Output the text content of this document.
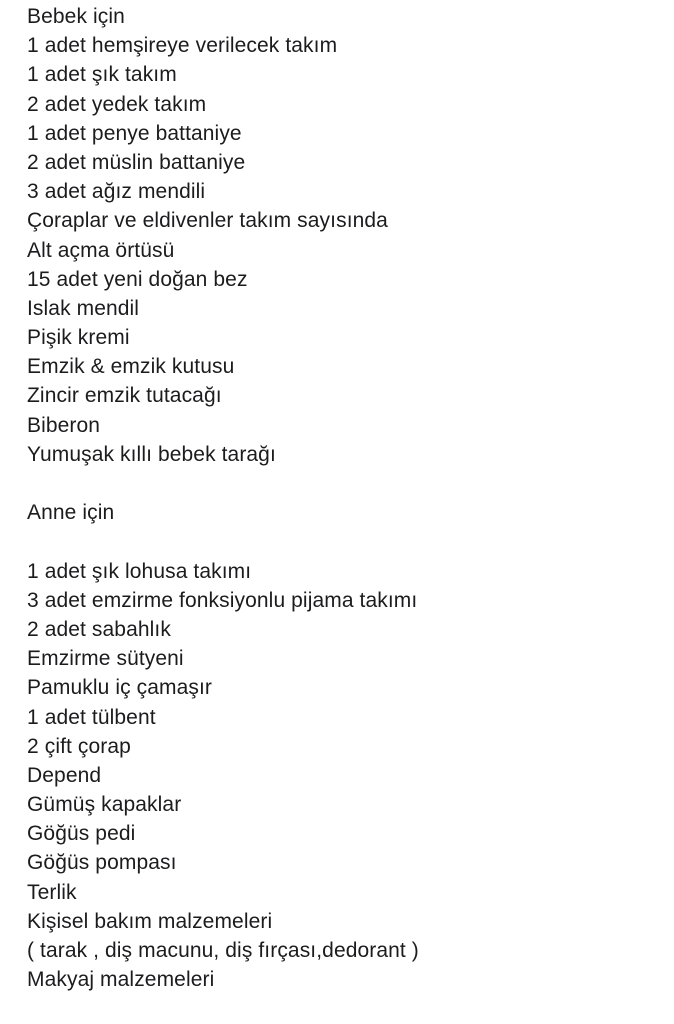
Bebek için
1 adet hemşireye verilecek takım
1 adet şık takım
2 adet yedek takım
1 adet penye battaniye
2 adet müslin battaniye
3 adet ağız mendili
Çoraplar ve eldivenler takım sayısında
Alt açma örtüsü
15 adet yeni doğan bez
Islak mendil
Pişik kremi
Emzik & emzik kutusu
Zincir emzik tutacağı
Biberon
Yumuşak kıllı bebek tarağı
Anne için
1 adet şık lohusa takımı
3 adet emzirme fonksiyonlu pijama takımı
2 adet sabahlık
Emzirme sütyeni
Pamuklu iç çamaşır
1 adet tülbent
2 çift çorap
Depend
Gümüş kapaklar
Göğüs pedi
Göğüs pompası
Terlik
Kişisel bakım malzemeleri
( tarak , diş macunu, diş fırçası,dedorant )
Makyaj malzemeleri
